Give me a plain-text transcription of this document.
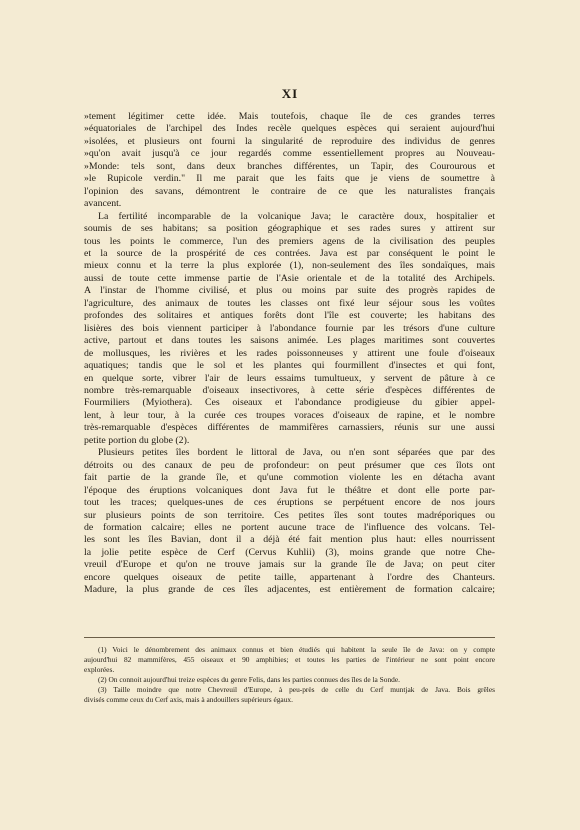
XI

»tement légitimer cette idée. Mais toutefois, chaque île de ces grandes terres
»équatoriales de l'archipel des Indes recèle quelques espèces qui seraient aujourd'hui
»isolées, et plusieurs ont fourni la singularité de reproduire des individus de genres
»qu'on avait jusqu'à ce jour regardés comme essentiellement propres au Nouveau-
»Monde: tels sont, dans deux branches différentes, un Tapir, des Courourous et
»le Rupicole verdin." Il me parait que les faits que je viens de soumettre à
l'opinion des savans, démontrent le contraire de ce que les naturalistes français
avancent.

La fertilité incomparable de la volcanique Java; le caractère doux, hospitalier et
soumis de ses habitans; sa position géographique et ses rades sures y attirent sur
tous les points le commerce, l'un des premiers agens de la civilisation des peuples
et la source de la prospérité de ces contrées. Java est par conséquent le point le
mieux connu et la terre la plus explorée (1), non-seulement des îles sondaïques, mais
aussi de toute cette immense partie de l'Asie orientale et de la totalité des Archipels.
A l'instar de l'homme civilisé, et plus ou moins par suite des progrès rapides de
l'agriculture, des animaux de toutes les classes ont fixé leur séjour sous les voûtes
profondes des solitaires et antiques forêts dont l'île est couverte; les habitans des
lisières des bois viennent participer à l'abondance fournie par les trésors d'une culture
active, partout et dans toutes les saisons animée. Les plages maritimes sont couvertes
de mollusques, les rivières et les rades poissonneuses y attirent une foule d'oiseaux
aquatiques; tandis que le sol et les plantes qui fourmillent d'insectes et qui font,
en quelque sorte, vibrer l'air de leurs essaims tumultueux, y servent de pâture à ce
nombre très-remarquable d'oiseaux insectivores, à cette série d'espèces différentes de
Fourmiliers (Myiothera). Ces oiseaux et l'abondance prodigieuse du gibier appel-
lent, à leur tour, à la curée ces troupes voraces d'oiseaux de rapine, et le nombre
très-remarquable d'espèces différentes de mammifères carnassiers, réunis sur une aussi
petite portion du globe (2).

Plusieurs petites îles bordent le littoral de Java, ou n'en sont séparées que par des
détroits ou des canaux de peu de profondeur: on peut présumer que ces îlots ont
fait partie de la grande île, et qu'une commotion violente les en détacha avant
l'époque des éruptions volcaniques dont Java fut le théâtre et dont elle porte par-
tout les traces; quelques-unes de ces éruptions se perpétuent encore de nos jours
sur plusieurs points de son territoire. Ces petites îles sont toutes madréporiques ou
de formation calcaire; elles ne portent aucune trace de l'influence des volcans. Tel-
les sont les îles Bavian, dont il a déjà été fait mention plus haut: elles nourrissent
la jolie petite espèce de Cerf (Cervus Kuhlii) (3), moins grande que notre Che-
vreuil d'Europe et qu'on ne trouve jamais sur la grande île de Java; on peut citer
encore quelques oiseaux de petite taille, appartenant à l'ordre des Chanteurs.
Madure, la plus grande de ces îles adjacentes, est entièrement de formation calcaire;

(1) Voici le dénombrement des animaux connus et bien étudiés qui habitent la seule île de Java: on y compte
aujourd'hui 82 mammifères, 455 oiseaux et 90 amphibies; et toutes les parties de l'intérieur ne sont point encore
explorées.
(2) On connoit aujourd'hui treize espèces du genre Felis, dans les parties connues des îles de la Sonde.
(3) Taille moindre que notre Chevreuil d'Europe, à peu-près de celle du Cerf muntjak de Java. Bois grêles
divisés comme ceux du Cerf axis, mais à andouillers supérieurs égaux.
